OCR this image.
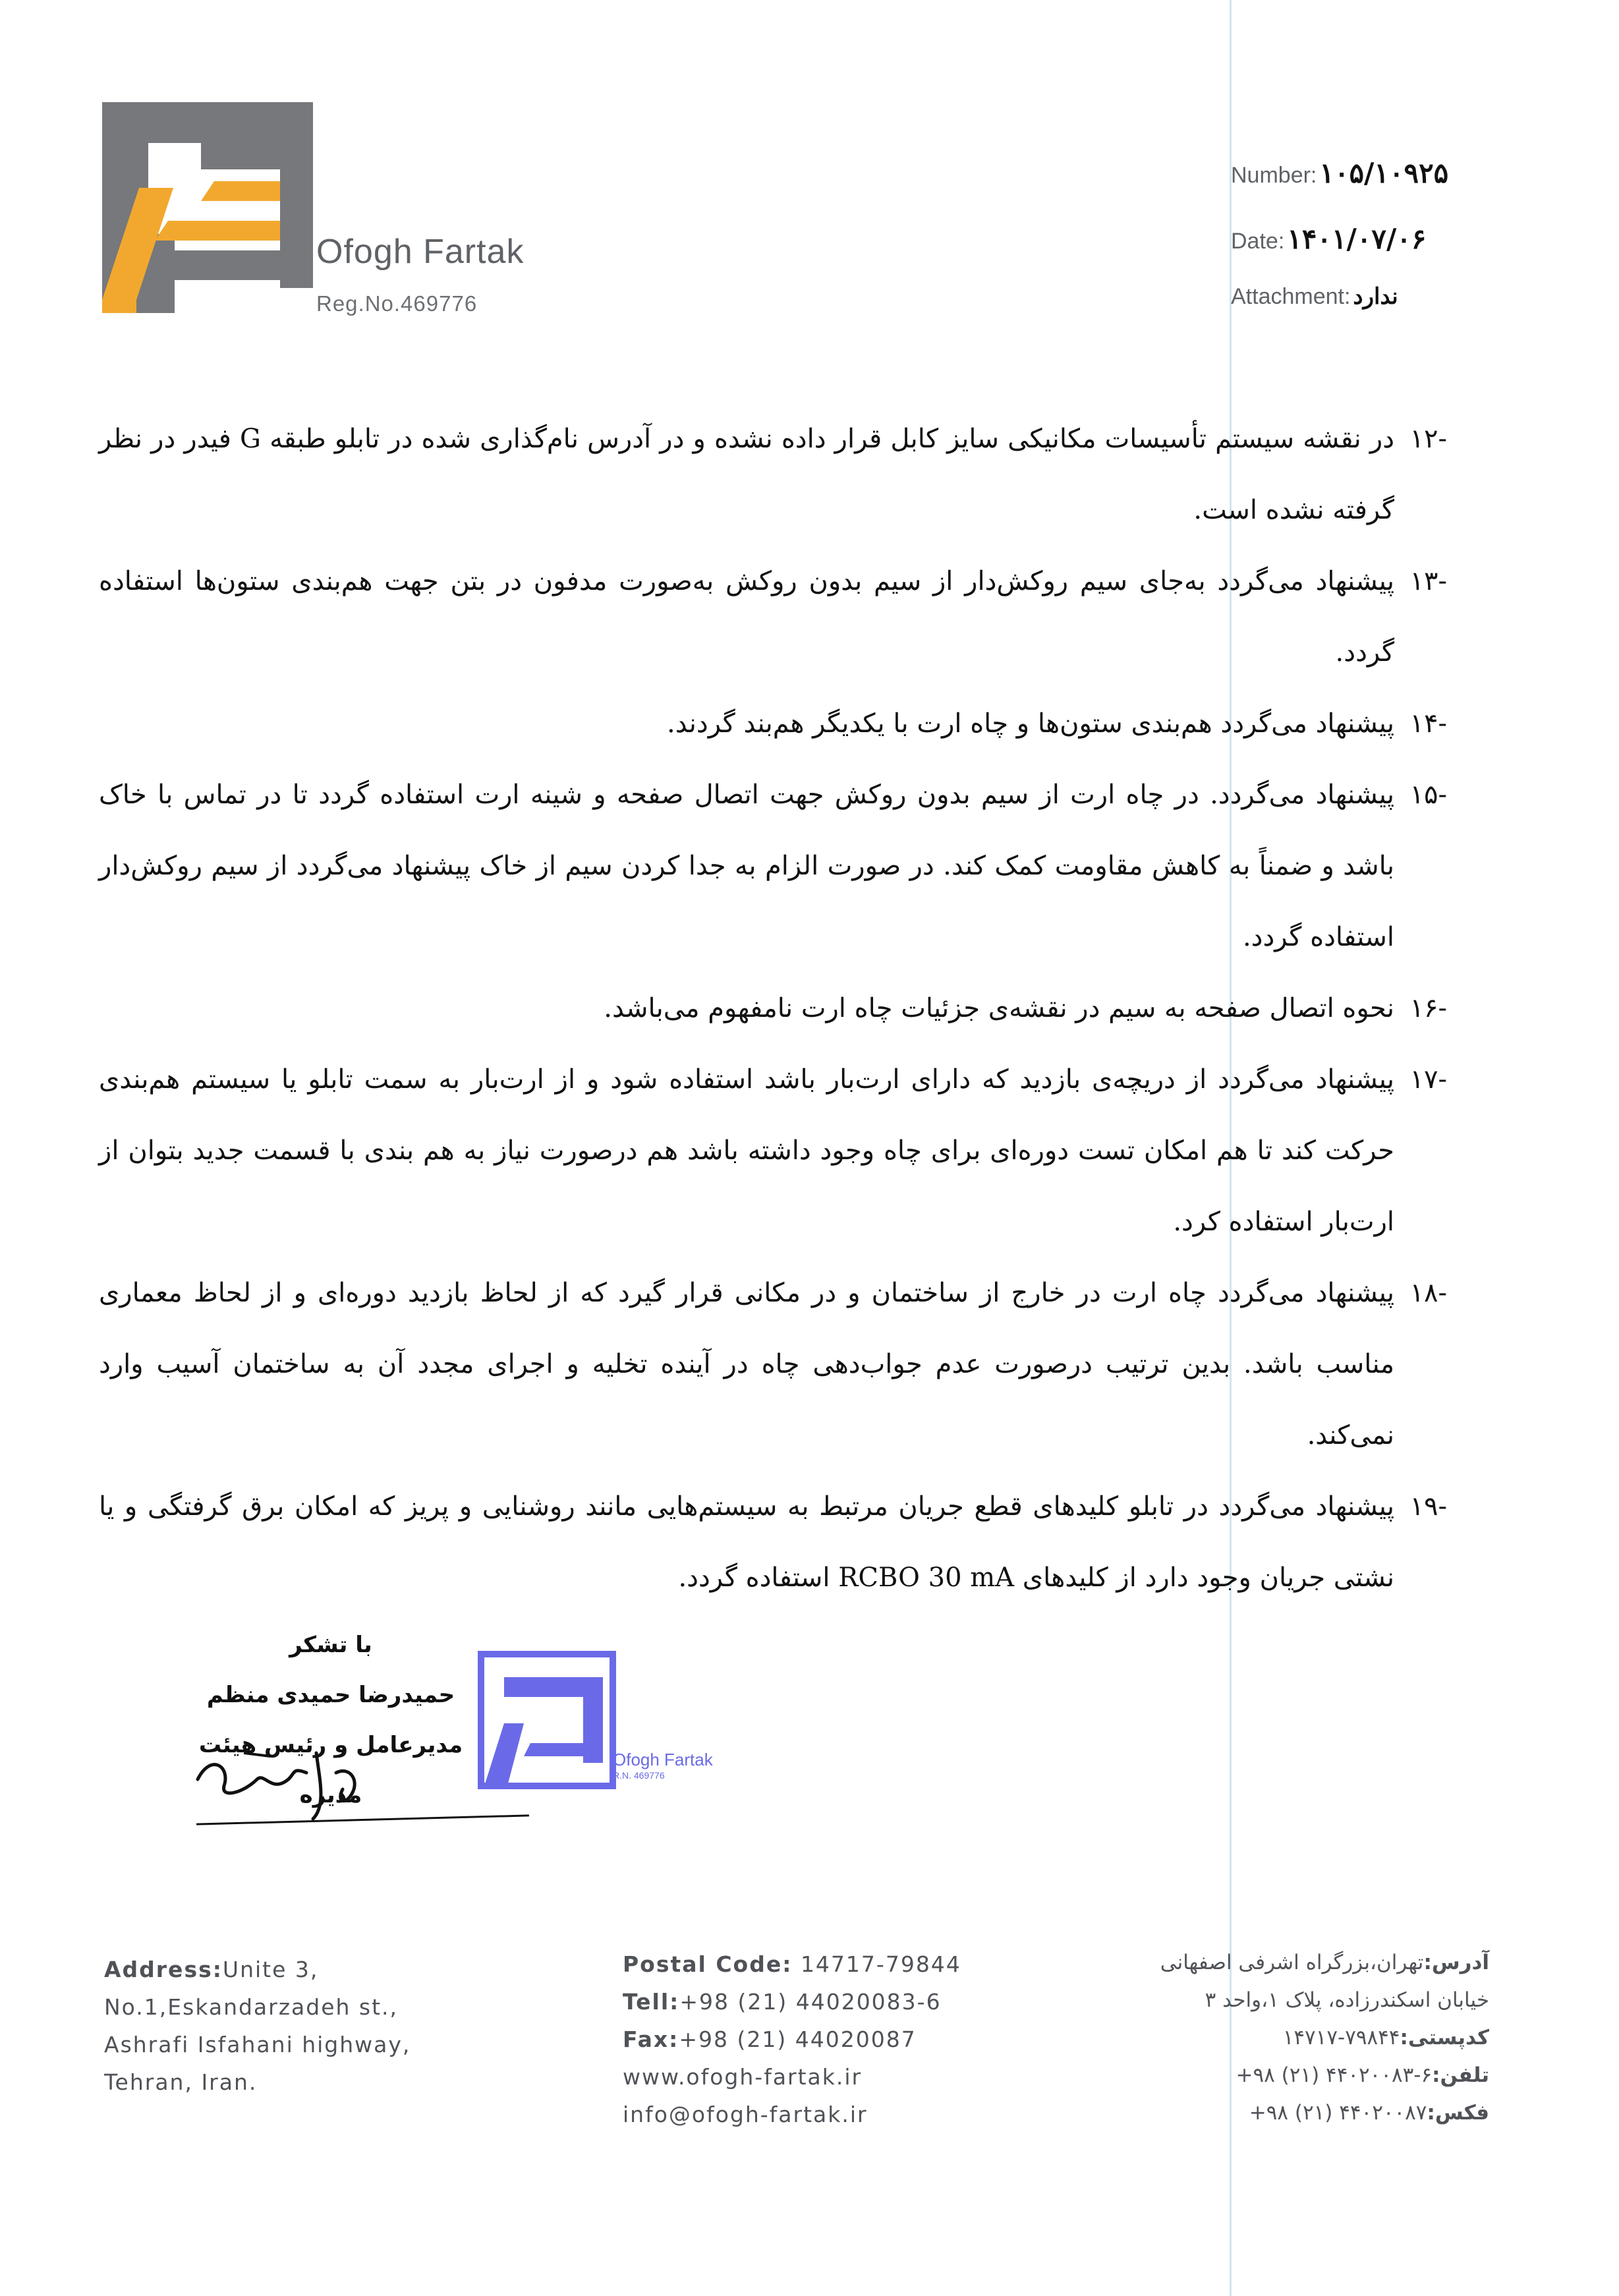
Ofogh Fartak
Reg.No.469776
Number:۱۰۵/۱۰۹۲۵
Date:۱۴۰۱/۰۷/۰۶
Attachment: ندارد
-۱۲
در نقشه سیستم تأسیسات مکانیکی سایز کابل قرار داده نشده و در آدرس نام‌گذاری شده در تابلو طبقه G فیدر در نظر گرفته نشده است.
-۱۳
پیشنهاد می‌گردد به‌جای سیم روکش‌دار از سیم بدون روکش به‌صورت مدفون در بتن جهت هم‌بندی ستون‌ها استفاده گردد.
-۱۴
پیشنهاد می‌گردد هم‌بندی ستون‌ها و چاه ارت با یکدیگر هم‌بند گردند.
-۱۵
پیشنهاد می‌گردد. در چاه ارت از سیم بدون روکش جهت اتصال صفحه و شینه ارت استفاده گردد تا در تماس با خاک باشد و ضمناً به کاهش مقاومت کمک کند. در صورت الزام به جدا کردن سیم از خاک پیشنهاد می‌گردد از سیم روکش‌دار استفاده گردد.
-۱۶
نحوه اتصال صفحه به سیم در نقشه‌ی جزئیات چاه ارت نامفهوم می‌باشد.
-۱۷
پیشنهاد می‌گردد از دریچه‌ی بازدید که دارای ارت‌بار باشد استفاده شود و از ارت‌بار به سمت تابلو یا سیستم هم‌بندی حرکت کند تا هم امکان تست دوره‌ای برای چاه وجود داشته باشد هم درصورت نیاز به هم بندی با قسمت جدید بتوان از ارت‌بار استفاده کرد.
-۱۸
پیشنهاد می‌گردد چاه ارت در خارج از ساختمان و در مکانی قرار گیرد که از لحاظ بازدید دوره‌ای و از لحاظ معماری مناسب باشد. بدین ترتیب درصورت عدم جواب‌دهی چاه در آینده تخلیه و اجرای مجدد آن به ساختمان آسیب وارد نمی‌کند.
-۱۹
پیشنهاد می‌گردد در تابلو کلیدهای قطع جریان مرتبط به سیستم‌هایی مانند روشنایی و پریز که امکان برق گرفتگی و یا نشتی جریان وجود دارد از کلیدهای RCBO 30 mA استفاده گردد.
با تشکر
حمیدرضا حمیدی منظم
مدیرعامل و رئیس هیئت مدیره
Ofogh Fartak
R.N. 469776
Address:Unite 3,
No.1,Eskandarzadeh st.,
Ashrafi Isfahani highway,
Tehran, Iran.
Postal Code: 14717-79844
Tell:+98 (21) 44020083-6
Fax:+98 (21) 44020087
www.ofogh-fartak.ir
info@ofogh-fartak.ir
آدرس:تهران،بزرگراه اشرفی اصفهانی
خیابان اسکندرزاده، پلاک ۱،واحد ۳
کدپستی:۷۹۸۴۴-۱۴۷۱۷
تلفن:۶-۴۴۰۲۰۰۸۳ (۲۱) ۹۸+
فکس:۴۴۰۲۰۰۸۷ (۲۱) ۹۸+
